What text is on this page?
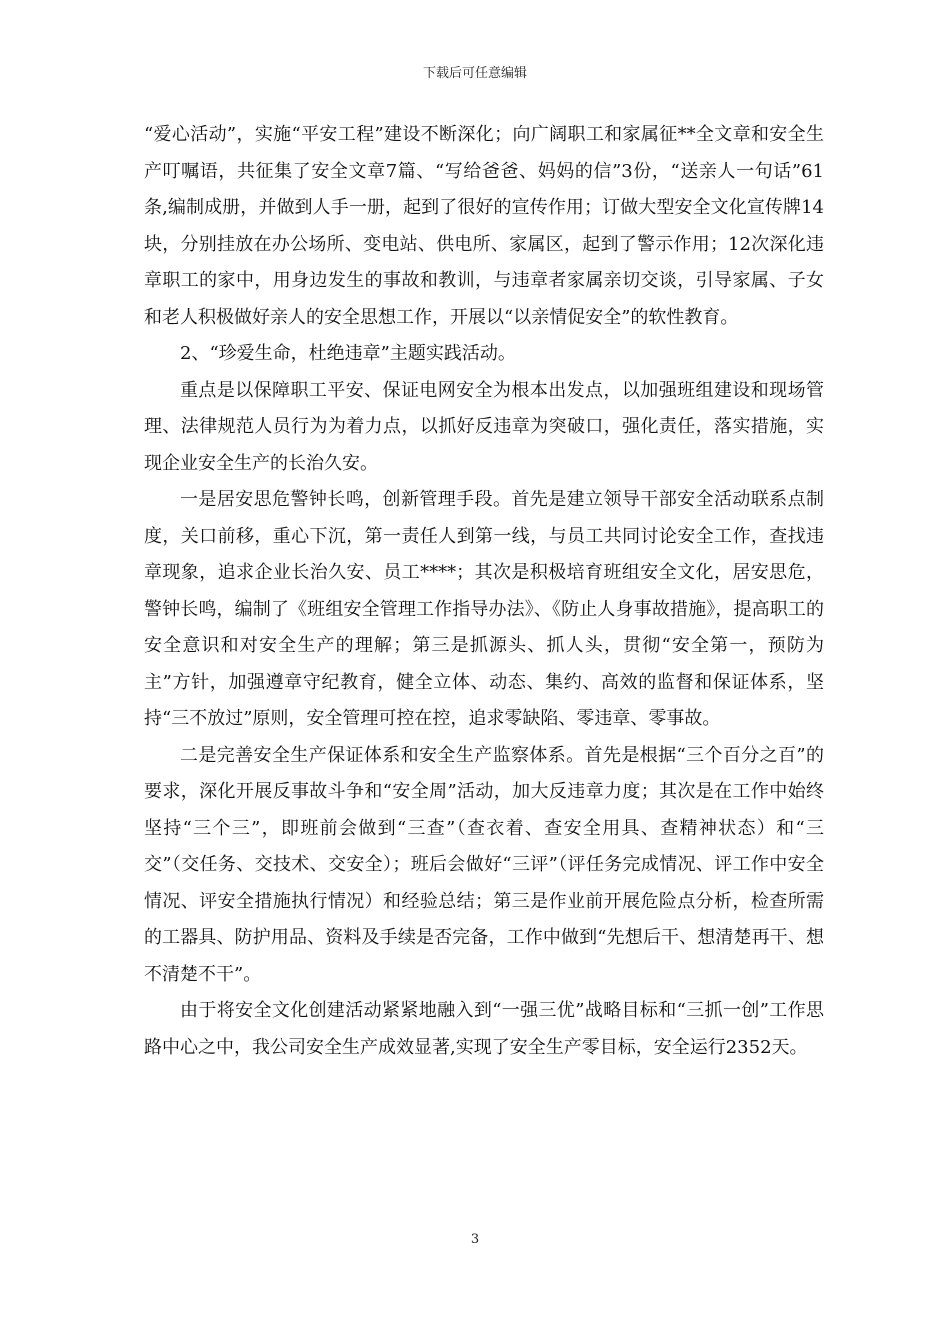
下载后可任意编辑

“爱心活动”，实施“平安工程”建设不断深化；向广阔职工和家属征**全文章和安全生产叮嘱语，共征集了安全文章7篇、“写给爸爸、妈妈的信”3份，“送亲人一句话”61条,编制成册，并做到人手一册，起到了很好的宣传作用；订做大型安全文化宣传牌14块，分别挂放在办公场所、变电站、供电所、家属区，起到了警示作用；12次深化违章职工的家中，用身边发生的事故和教训，与违章者家属亲切交谈，引导家属、子女和老人积极做好亲人的安全思想工作，开展以“以亲情促安全”的软性教育。

2、“珍爱生命，杜绝违章”主题实践活动。

重点是以保障职工平安、保证电网安全为根本出发点，以加强班组建设和现场管理、法律规范人员行为为着力点，以抓好反违章为突破口，强化责任，落实措施，实现企业安全生产的长治久安。

一是居安思危警钟长鸣，创新管理手段。首先是建立领导干部安全活动联系点制度，关口前移，重心下沉，第一责任人到第一线，与员工共同讨论安全工作，查找违章现象，追求企业长治久安、员工****；其次是积极培育班组安全文化，居安思危，警钟长鸣，编制了《班组安全管理工作指导办法》、《防止人身事故措施》，提高职工的安全意识和对安全生产的理解；第三是抓源头、抓人头，贯彻“安全第一，预防为主”方针，加强遵章守纪教育，健全立体、动态、集约、高效的监督和保证体系，坚持“三不放过”原则，安全管理可控在控，追求零缺陷、零违章、零事故。

二是完善安全生产保证体系和安全生产监察体系。首先是根据“三个百分之百”的要求，深化开展反事故斗争和“安全周”活动，加大反违章力度；其次是在工作中始终坚持“三个三”，即班前会做到“三查”（查衣着、查安全用具、查精神状态）和“三交”（交任务、交技术、交安全）；班后会做好“三评”（评任务完成情况、评工作中安全情况、评安全措施执行情况）和经验总结；第三是作业前开展危险点分析，检查所需的工器具、防护用品、资料及手续是否完备，工作中做到“先想后干、想清楚再干、想不清楚不干”。

由于将安全文化创建活动紧紧地融入到“一强三优”战略目标和“三抓一创”工作思路中心之中，我公司安全生产成效显著,实现了安全生产零目标，安全运行2352天。

3
